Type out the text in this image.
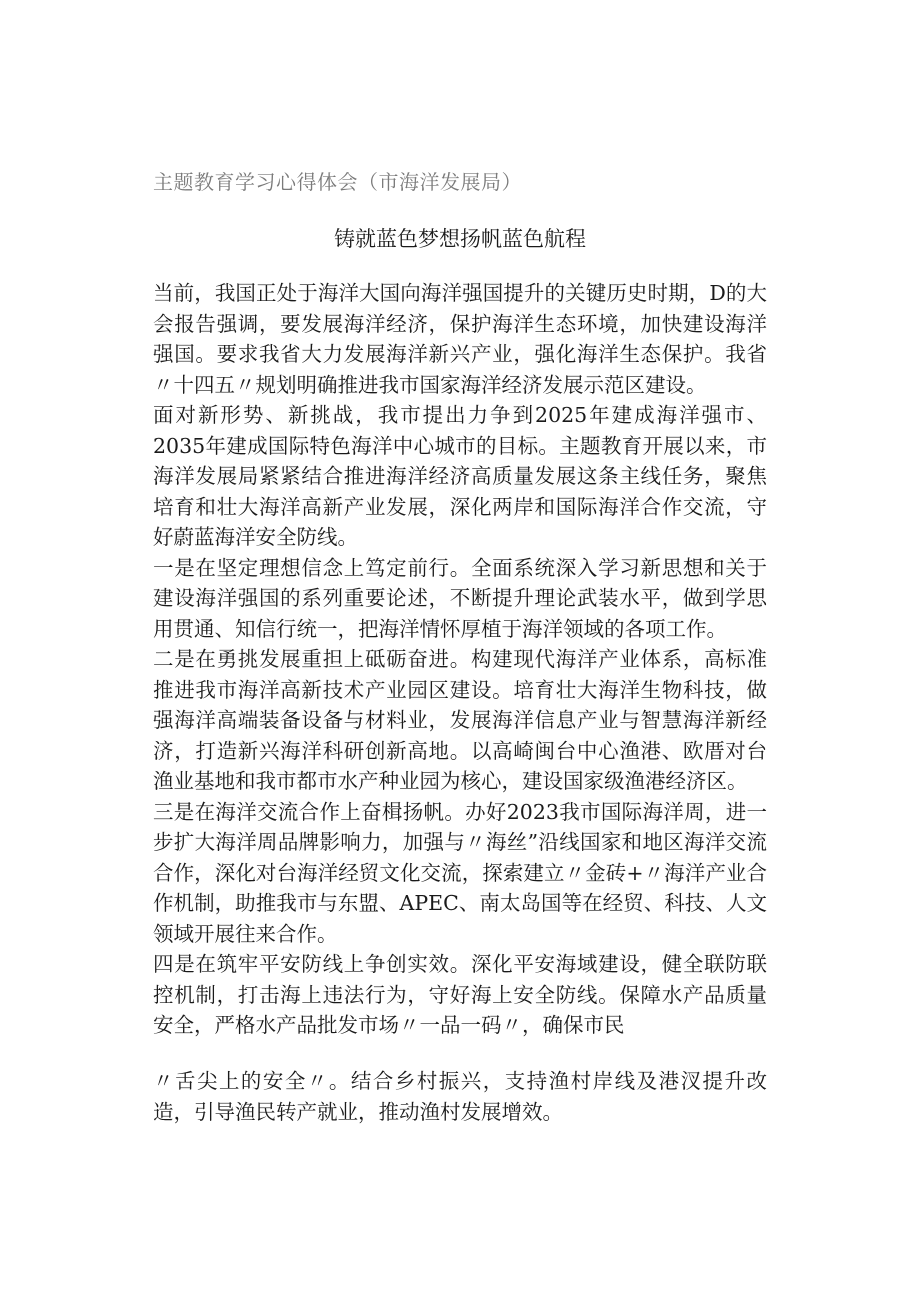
主题教育学习心得体会（市海洋发展局）
铸就蓝色梦想扬帆蓝色航程

当前，我国正处于海洋大国向海洋强国提升的关键历史时期，D的大会报告强调，要发展海洋经济，保护海洋生态环境，加快建设海洋强国。要求我省大力发展海洋新兴产业，强化海洋生态保护。我省〃十四五〃规划明确推进我市国家海洋经济发展示范区建设。

面对新形势、新挑战，我市提出力争到2025年建成海洋强市、2035年建成国际特色海洋中心城市的目标。主题教育开展以来，市海洋发展局紧紧结合推进海洋经济高质量发展这条主线任务，聚焦培育和壮大海洋高新产业发展，深化两岸和国际海洋合作交流，守好蔚蓝海洋安全防线。

一是在坚定理想信念上笃定前行。全面系统深入学习新思想和关于建设海洋强国的系列重要论述，不断提升理论武装水平，做到学思用贯通、知信行统一，把海洋情怀厚植于海洋领域的各项工作。

二是在勇挑发展重担上砥砺奋进。构建现代海洋产业体系，高标准推进我市海洋高新技术产业园区建设。培育壮大海洋生物科技，做强海洋高端装备设备与材料业，发展海洋信息产业与智慧海洋新经济，打造新兴海洋科研创新高地。以高崎闽台中心渔港、欧厝对台渔业基地和我市都市水产种业园为核心，建设国家级渔港经济区。

三是在海洋交流合作上奋楫扬帆。办好2023我市国际海洋周，进一步扩大海洋周品牌影响力，加强与〃海丝”沿线国家和地区海洋交流合作，深化对台海洋经贸文化交流，探索建立〃金砖+〃海洋产业合作机制，助推我市与东盟、APEC、南太岛国等在经贸、科技、人文领域开展往来合作。

四是在筑牢平安防线上争创实效。深化平安海域建设，健全联防联控机制，打击海上违法行为，守好海上安全防线。保障水产品质量安全，严格水产品批发市场〃一品一码〃，确保市民

〃舌尖上的安全〃。结合乡村振兴，支持渔村岸线及港汊提升改造，引导渔民转产就业，推动渔村发展增效。
